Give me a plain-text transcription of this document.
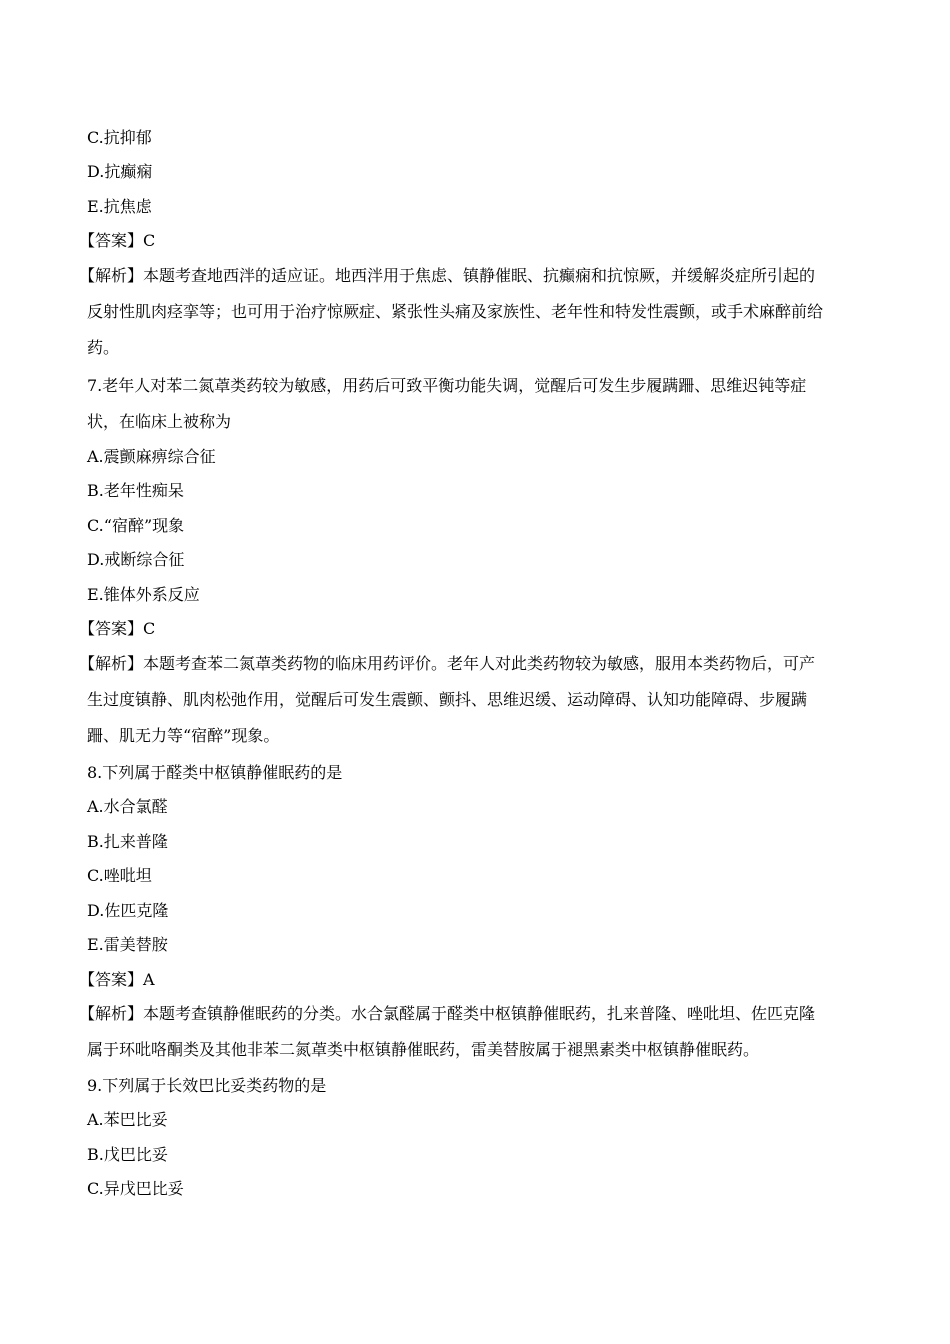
C.抗抑郁
D.抗癫痫
E.抗焦虑
【答案】C
【解析】本题考查地西泮的适应证。地西泮用于焦虑、镇静催眠、抗癫痫和抗惊厥，并缓解炎症所引起的
反射性肌肉痉挛等；也可用于治疗惊厥症、紧张性头痛及家族性、老年性和特发性震颤，或手术麻醉前给
药。
7.老年人对苯二氮䓬类药较为敏感，用药后可致平衡功能失调，觉醒后可发生步履蹒跚、思维迟钝等症
状，在临床上被称为
A.震颤麻痹综合征
B.老年性痴呆
C.“宿醉”现象
D.戒断综合征
E.锥体外系反应
【答案】C
【解析】本题考查苯二氮䓬类药物的临床用药评价。老年人对此类药物较为敏感，服用本类药物后，可产
生过度镇静、肌肉松弛作用，觉醒后可发生震颤、颤抖、思维迟缓、运动障碍、认知功能障碍、步履蹒
跚、肌无力等“宿醉”现象。
8.下列属于醛类中枢镇静催眠药的是
A.水合氯醛
B.扎来普隆
C.唑吡坦
D.佐匹克隆
E.雷美替胺
【答案】A
【解析】本题考查镇静催眠药的分类。水合氯醛属于醛类中枢镇静催眠药，扎来普隆、唑吡坦、佐匹克隆
属于环吡咯酮类及其他非苯二氮䓬类中枢镇静催眠药，雷美替胺属于褪黑素类中枢镇静催眠药。
9.下列属于长效巴比妥类药物的是
A.苯巴比妥
B.戊巴比妥
C.异戊巴比妥
